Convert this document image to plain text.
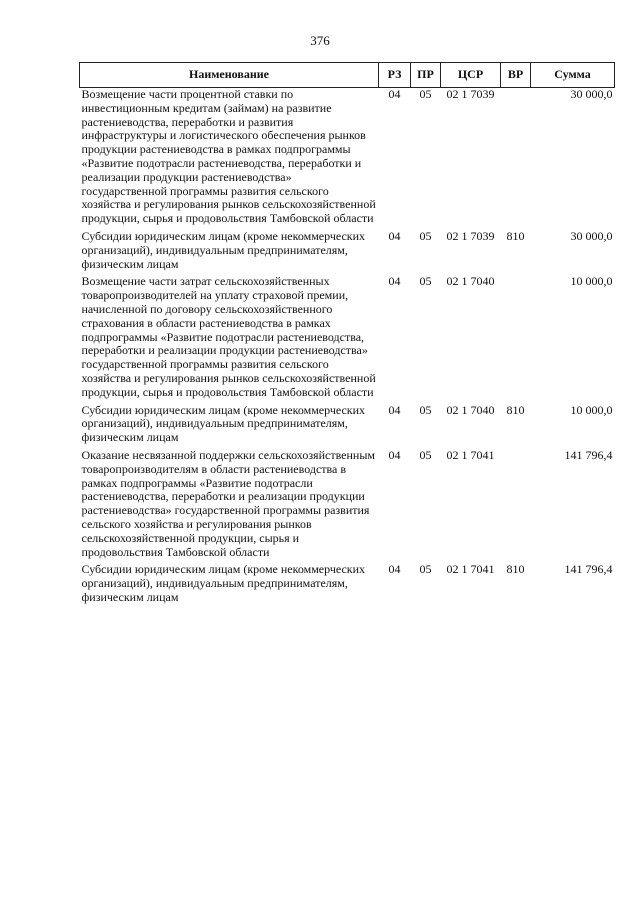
376
Наименование	РЗ	ПР	ЦСР	ВР	Сумма
Возмещение части процентной ставки по инвестиционным кредитам (займам) на развитие растениеводства, переработки и развития инфраструктуры и логистического обеспечения рынков продукции растениеводства в рамках подпрограммы «Развитие подотрасли растениеводства, переработки и реализации продукции растениеводства» государственной программы развития сельского хозяйства и регулирования рынков сельскохозяйственной продукции, сырья и продовольствия Тамбовской области	04	05	02 1 7039		30 000,0
Субсидии юридическим лицам (кроме некоммерческих организаций), индивидуальным предпринимателям, физическим лицам	04	05	02 1 7039	810	30 000,0
Возмещение части затрат сельскохозяйственных товаропроизводителей на уплату страховой премии, начисленной по договору сельскохозяйственного страхования в области растениеводства в рамках подпрограммы «Развитие подотрасли растениеводства, переработки и реализации продукции растениеводства» государственной программы развития сельского хозяйства и регулирования рынков сельскохозяйственной продукции, сырья и продовольствия Тамбовской области	04	05	02 1 7040		10 000,0
Субсидии юридическим лицам (кроме некоммерческих организаций), индивидуальным предпринимателям, физическим лицам	04	05	02 1 7040	810	10 000,0
Оказание несвязанной поддержки сельскохозяйственным товаропроизводителям в области растениеводства в рамках подпрограммы «Развитие подотрасли растениеводства, переработки и реализации продукции растениеводства» государственной программы развития сельского хозяйства и регулирования рынков сельскохозяйственной продукции, сырья и продовольствия Тамбовской области	04	05	02 1 7041		141 796,4
Субсидии юридическим лицам (кроме некоммерческих организаций), индивидуальным предпринимателям, физическим лицам	04	05	02 1 7041	810	141 796,4
